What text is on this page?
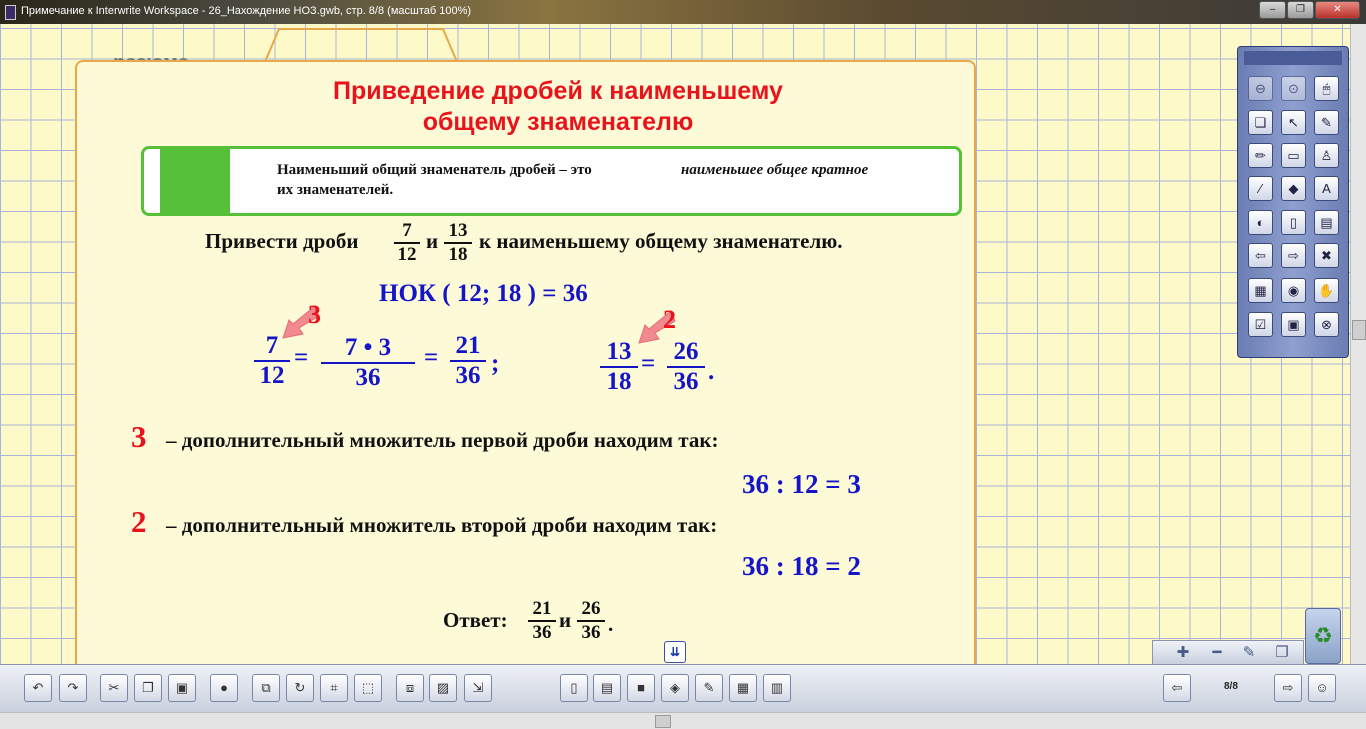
Примечание к Interwrite Workspace - 26_Нахождение НОЗ.gwb, стр. 8/8 (масштаб 100%)	–	❐	✕
Приведение дробей к наименьшему
общему знаменателю
Наименьший общий знаменатель дробей – это	наименьшее общее кратное
их знаменателей.
Привести дроби $\frac{7}{12}$ и $\frac{13}{18}$ к наименьшему общему знаменателю.
НОК ( 12; 18 ) = 36
3	2
$\frac{7}{12} = \frac{7 • 3}{36} = \frac{21}{36}$ ;	$\frac{13}{18} = \frac{26}{36}$ .
3 – дополнительный множитель первой дроби находим так:
36 : 12 = 3
2 – дополнительный множитель второй дроби находим так:
36 : 18 = 2
Ответ: $\frac{21}{36}$ и $\frac{26}{36}$ .
⇊
⊖	⊙	🖱
❏	↖	✎
✏	▭	♙
⁄	◆	A
◐	▯	▤
⇦	⇨	✖
▦	◉	✋
☑	▣	⊗
✚	━	✎ ❐
♻
↶	↷	✂	❐	▣	●	⧉	↻	⌗	⬚	⧈	▨	⇲	▯	▤	■	◈	✎	▦	▥	⇦	8/8	⇨	☺
